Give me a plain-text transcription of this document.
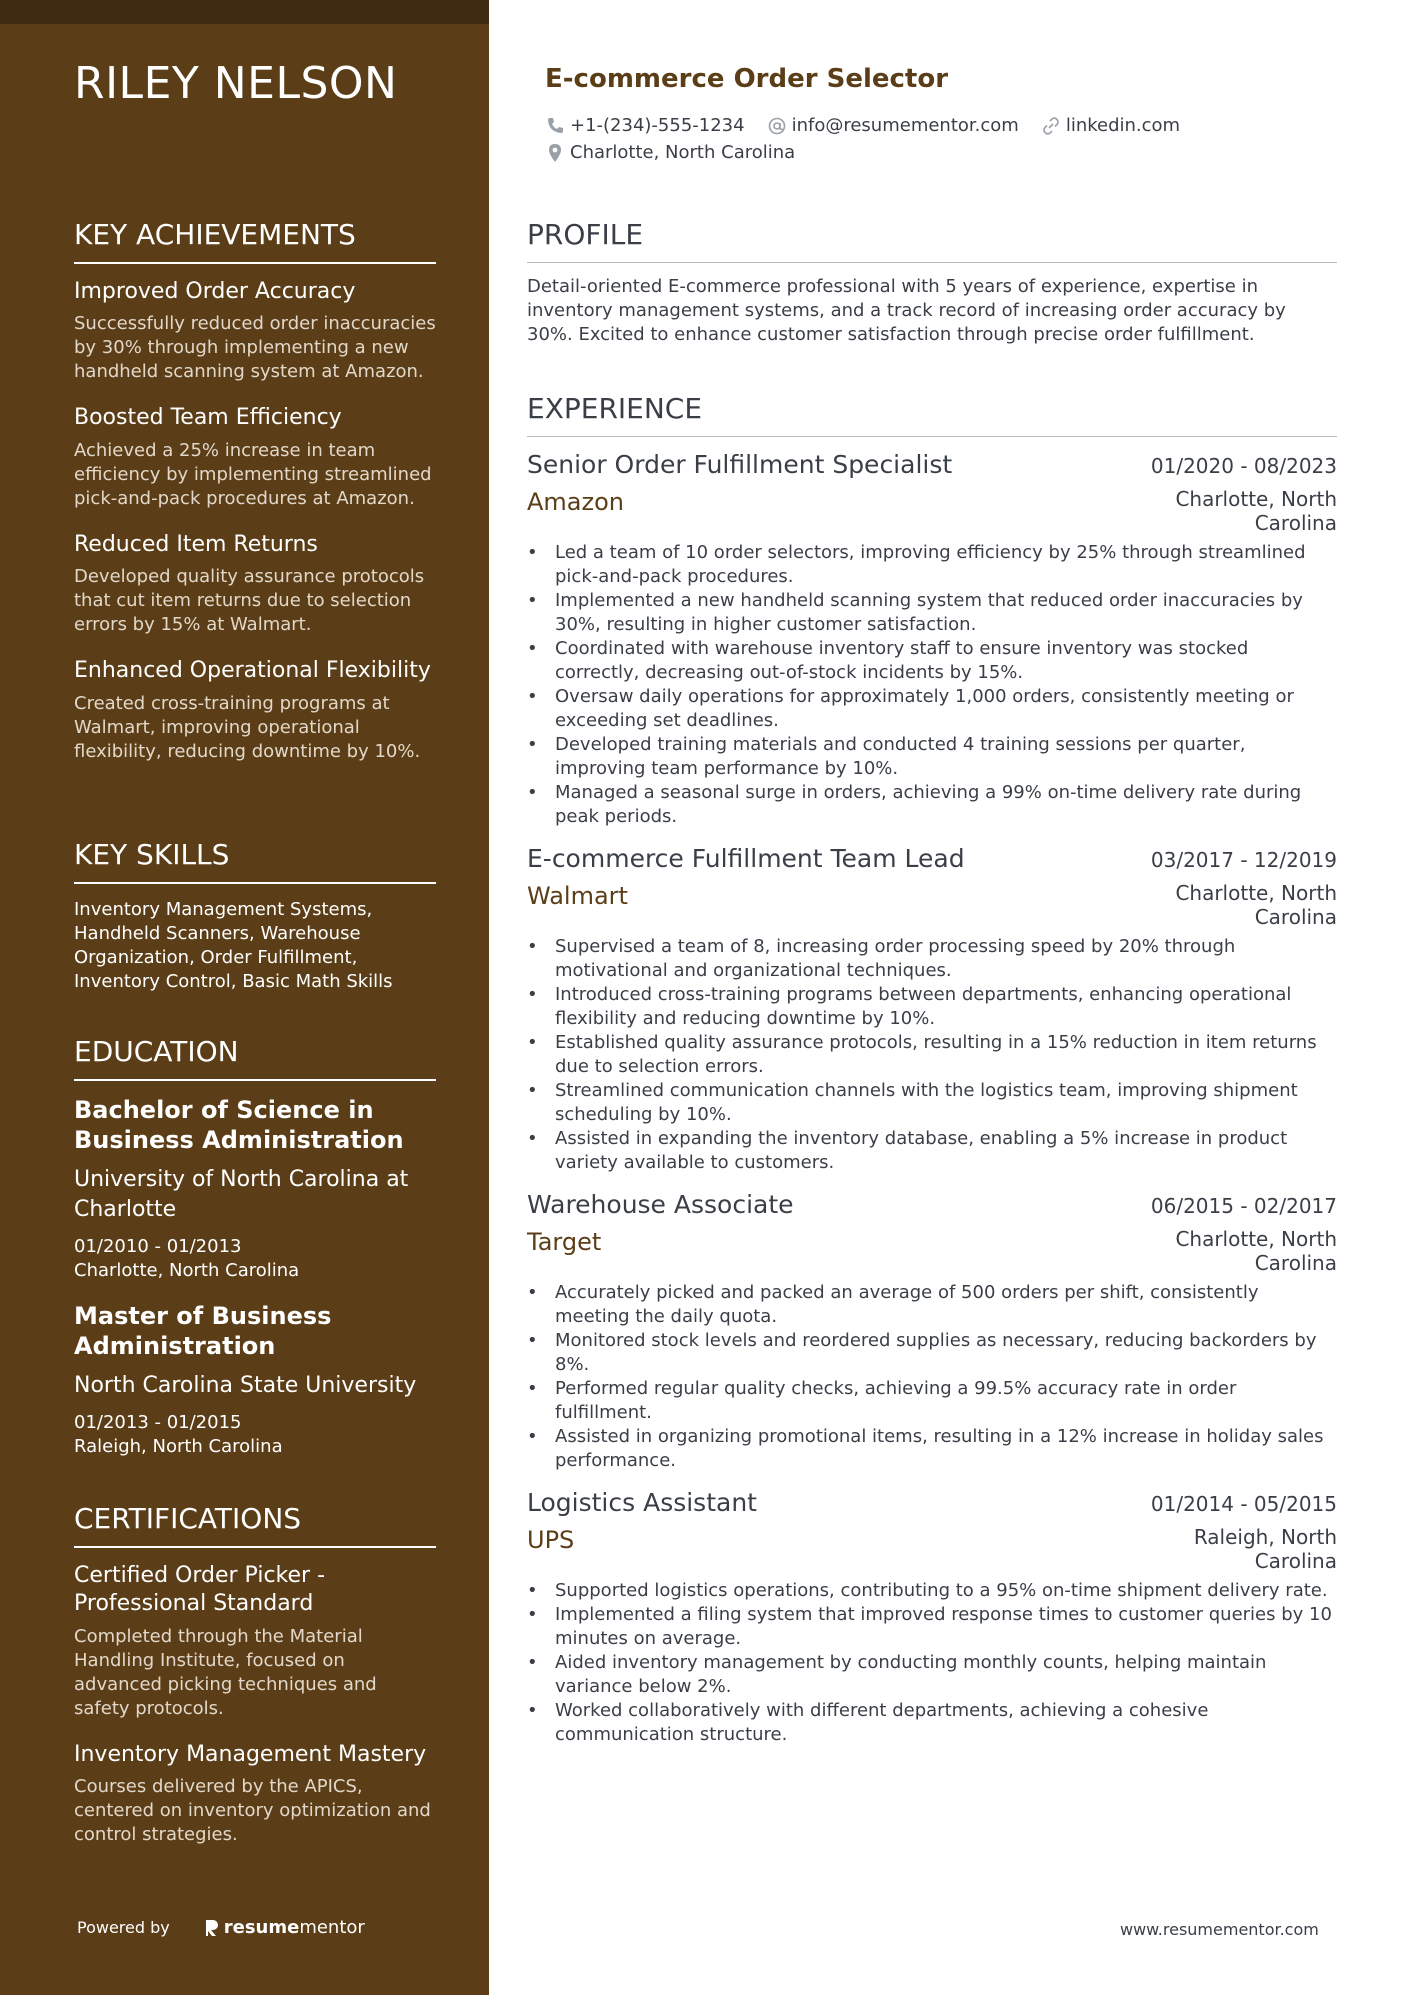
RILEY NELSON
KEY ACHIEVEMENTS
Improved Order Accuracy
Successfully reduced order inaccuracies by 30% through implementing a new handheld scanning system at Amazon.
Boosted Team Efficiency
Achieved a 25% increase in team efficiency by implementing streamlined pick-and-pack procedures at Amazon.
Reduced Item Returns
Developed quality assurance protocols that cut item returns due to selection errors by 15% at Walmart.
Enhanced Operational Flexibility
Created cross-training programs at Walmart, improving operational flexibility, reducing downtime by 10%.
KEY SKILLS
Inventory Management Systems, Handheld Scanners, Warehouse Organization, Order Fulfillment, Inventory Control, Basic Math Skills
EDUCATION
Bachelor of Science in Business Administration
University of North Carolina at Charlotte
01/2010 - 01/2013
Charlotte, North Carolina
Master of Business Administration
North Carolina State University
01/2013 - 01/2015
Raleigh, North Carolina
CERTIFICATIONS
Certified Order Picker - Professional Standard
Completed through the Material Handling Institute, focused on advanced picking techniques and safety protocols.
Inventory Management Mastery
Courses delivered by the APICS, centered on inventory optimization and control strategies.
Powered by	resume mentor
E-commerce Order Selector
+1-(234)-555-1234	info@resumementor.com	linkedin.com
Charlotte, North Carolina
PROFILE
Detail-oriented E-commerce professional with 5 years of experience, expertise in inventory management systems, and a track record of increasing order accuracy by 30%. Excited to enhance customer satisfaction through precise order fulfillment.
EXPERIENCE
Senior Order Fulfillment Specialist	01/2020 - 08/2023
Amazon	Charlotte, North Carolina
• Led a team of 10 order selectors, improving efficiency by 25% through streamlined pick-and-pack procedures.
• Implemented a new handheld scanning system that reduced order inaccuracies by 30%, resulting in higher customer satisfaction.
• Coordinated with warehouse inventory staff to ensure inventory was stocked correctly, decreasing out-of-stock incidents by 15%.
• Oversaw daily operations for approximately 1,000 orders, consistently meeting or exceeding set deadlines.
• Developed training materials and conducted 4 training sessions per quarter, improving team performance by 10%.
• Managed a seasonal surge in orders, achieving a 99% on-time delivery rate during peak periods.
E-commerce Fulfillment Team Lead	03/2017 - 12/2019
Walmart	Charlotte, North Carolina
• Supervised a team of 8, increasing order processing speed by 20% through motivational and organizational techniques.
• Introduced cross-training programs between departments, enhancing operational flexibility and reducing downtime by 10%.
• Established quality assurance protocols, resulting in a 15% reduction in item returns due to selection errors.
• Streamlined communication channels with the logistics team, improving shipment scheduling by 10%.
• Assisted in expanding the inventory database, enabling a 5% increase in product variety available to customers.
Warehouse Associate	06/2015 - 02/2017
Target	Charlotte, North Carolina
• Accurately picked and packed an average of 500 orders per shift, consistently meeting the daily quota.
• Monitored stock levels and reordered supplies as necessary, reducing backorders by 8%.
• Performed regular quality checks, achieving a 99.5% accuracy rate in order fulfillment.
• Assisted in organizing promotional items, resulting in a 12% increase in holiday sales performance.
Logistics Assistant	01/2014 - 05/2015
UPS	Raleigh, North Carolina
• Supported logistics operations, contributing to a 95% on-time shipment delivery rate.
• Implemented a filing system that improved response times to customer queries by 10 minutes on average.
• Aided inventory management by conducting monthly counts, helping maintain variance below 2%.
• Worked collaboratively with different departments, achieving a cohesive communication structure.
www.resumementor.com
